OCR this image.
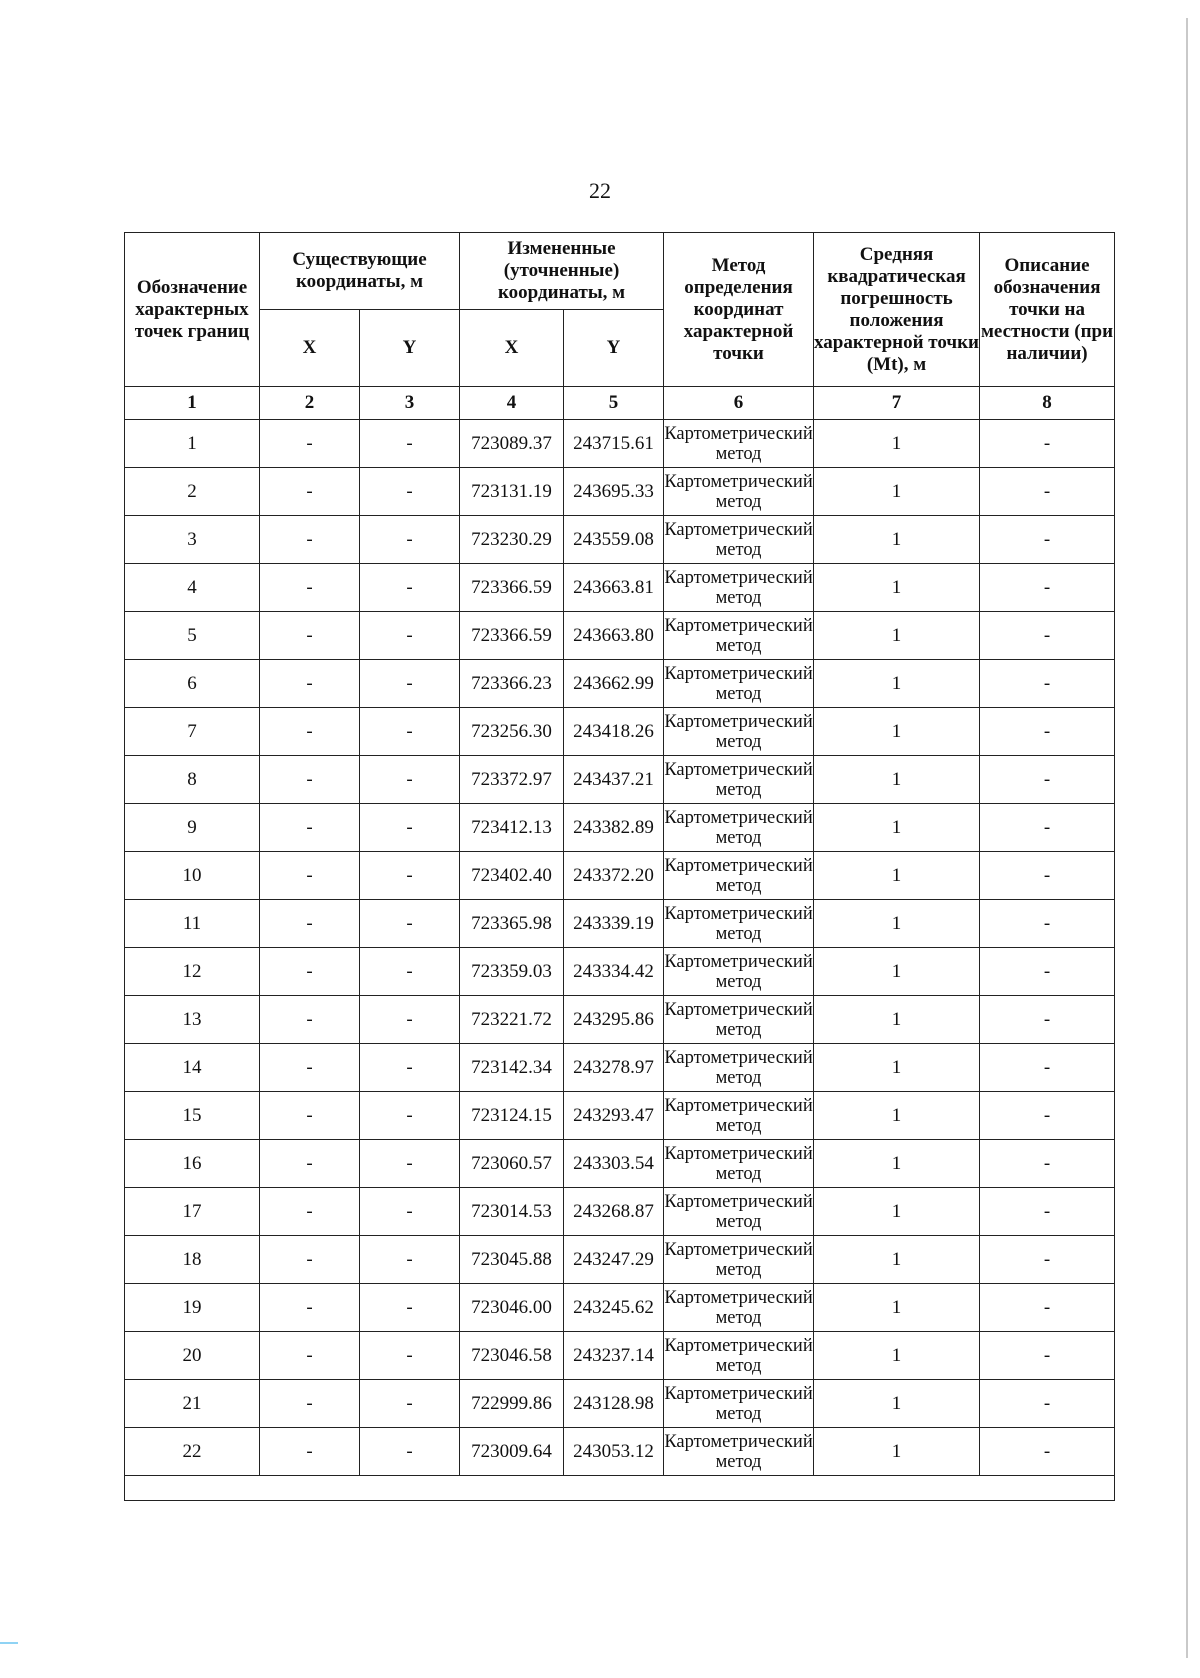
22
Обозначение характерных точек границ	Существующие координаты, м		Измененные (уточненные) координаты, м		Метод определения координат характерной точки	Средняя квадратическая погрешность положения характерной точки (Mt), м	Описание обозначения точки на местности (при наличии)
	X	Y	X	Y			
1	2	3	4	5	6	7	8
1	-	-	723089.37	243715.61	Картометрический метод	1	-
2	-	-	723131.19	243695.33	Картометрический метод	1	-
3	-	-	723230.29	243559.08	Картометрический метод	1	-
4	-	-	723366.59	243663.81	Картометрический метод	1	-
5	-	-	723366.59	243663.80	Картометрический метод	1	-
6	-	-	723366.23	243662.99	Картометрический метод	1	-
7	-	-	723256.30	243418.26	Картометрический метод	1	-
8	-	-	723372.97	243437.21	Картометрический метод	1	-
9	-	-	723412.13	243382.89	Картометрический метод	1	-
10	-	-	723402.40	243372.20	Картометрический метод	1	-
11	-	-	723365.98	243339.19	Картометрический метод	1	-
12	-	-	723359.03	243334.42	Картометрический метод	1	-
13	-	-	723221.72	243295.86	Картометрический метод	1	-
14	-	-	723142.34	243278.97	Картометрический метод	1	-
15	-	-	723124.15	243293.47	Картометрический метод	1	-
16	-	-	723060.57	243303.54	Картометрический метод	1	-
17	-	-	723014.53	243268.87	Картометрический метод	1	-
18	-	-	723045.88	243247.29	Картометрический метод	1	-
19	-	-	723046.00	243245.62	Картометрический метод	1	-
20	-	-	723046.58	243237.14	Картометрический метод	1	-
21	-	-	722999.86	243128.98	Картометрический метод	1	-
22	-	-	723009.64	243053.12	Картометрический метод	1	-
